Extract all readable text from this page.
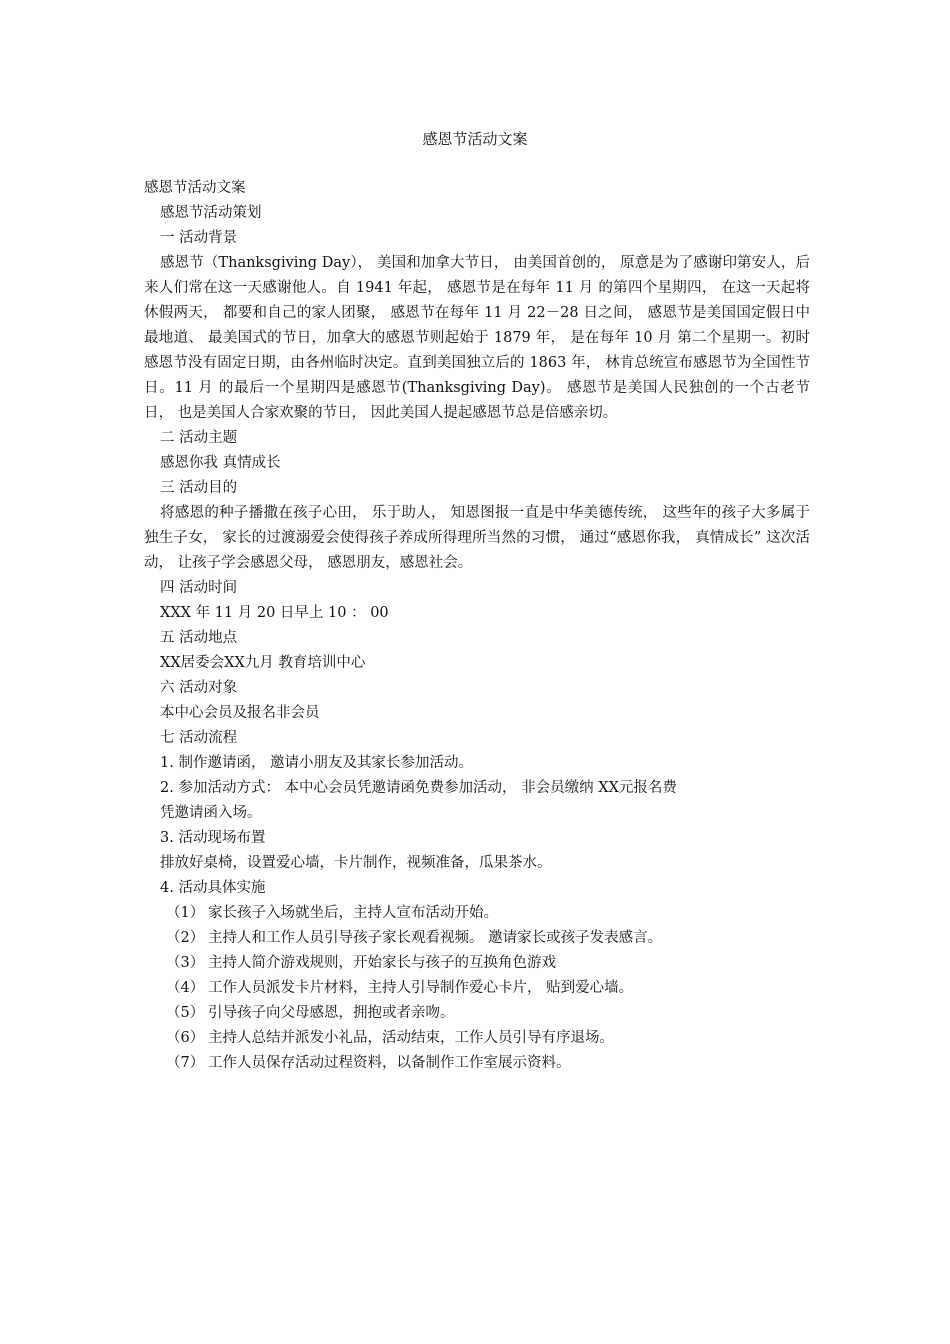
感恩节活动文案
感恩节活动文案
感恩节活动策划
一 活动背景
感恩节（Thanksgiving Day）， 美国和加拿大节日， 由美国首创的， 原意是为了感谢印第安人，后来人们常在这一天感谢他人。自 1941 年起， 感恩节是在每年 11 月 的第四个星期四， 在这一天起将休假两天， 都要和自己的家人团聚， 感恩节在每年 11 月 22－28 日之间， 感恩节是美国国定假日中最地道、 最美国式的节日，加拿大的感恩节则起始于 1879 年， 是在每年 10 月 第二个星期一。初时感恩节没有固定日期，由各州临时决定。直到美国独立后的 1863 年， 林肯总统宣布感恩节为全国性节日。11 月 的最后一个星期四是感恩节(Thanksgiving Day)。 感恩节是美国人民独创的一个古老节日， 也是美国人合家欢聚的节日， 因此美国人提起感恩节总是倍感亲切。
二 活动主题
感恩你我 真情成长
三 活动目的
将感恩的种子播撒在孩子心田， 乐于助人， 知恩图报一直是中华美德传统， 这些年的孩子大多属于独生子女， 家长的过渡溺爱会使得孩子养成所得理所当然的习惯， 通过“感恩你我， 真情成长” 这次活动， 让孩子学会感恩父母， 感恩朋友，感恩社会。
四 活动时间
XXX 年 11 月 20 日早上 10 ： 00
五 活动地点
XX居委会XX九月 教育培训中心
六 活动对象
本中心会员及报名非会员
七 活动流程
1. 制作邀请函， 邀请小朋友及其家长参加活动。
2. 参加活动方式： 本中心会员凭邀请函免费参加活动， 非会员缴纳 XX元报名费
凭邀请函入场。
3. 活动现场布置
排放好桌椅，设置爱心墙，卡片制作，视频准备，瓜果茶水。
4. 活动具体实施
（1） 家长孩子入场就坐后，主持人宣布活动开始。
（2） 主持人和工作人员引导孩子家长观看视频。 邀请家长或孩子发表感言。
（3） 主持人简介游戏规则，开始家长与孩子的互换角色游戏
（4） 工作人员派发卡片材料，主持人引导制作爱心卡片， 贴到爱心墙。
（5） 引导孩子向父母感恩，拥抱或者亲吻。
（6） 主持人总结并派发小礼品，活动结束，工作人员引导有序退场。
（7） 工作人员保存活动过程资料，以备制作工作室展示资料。
